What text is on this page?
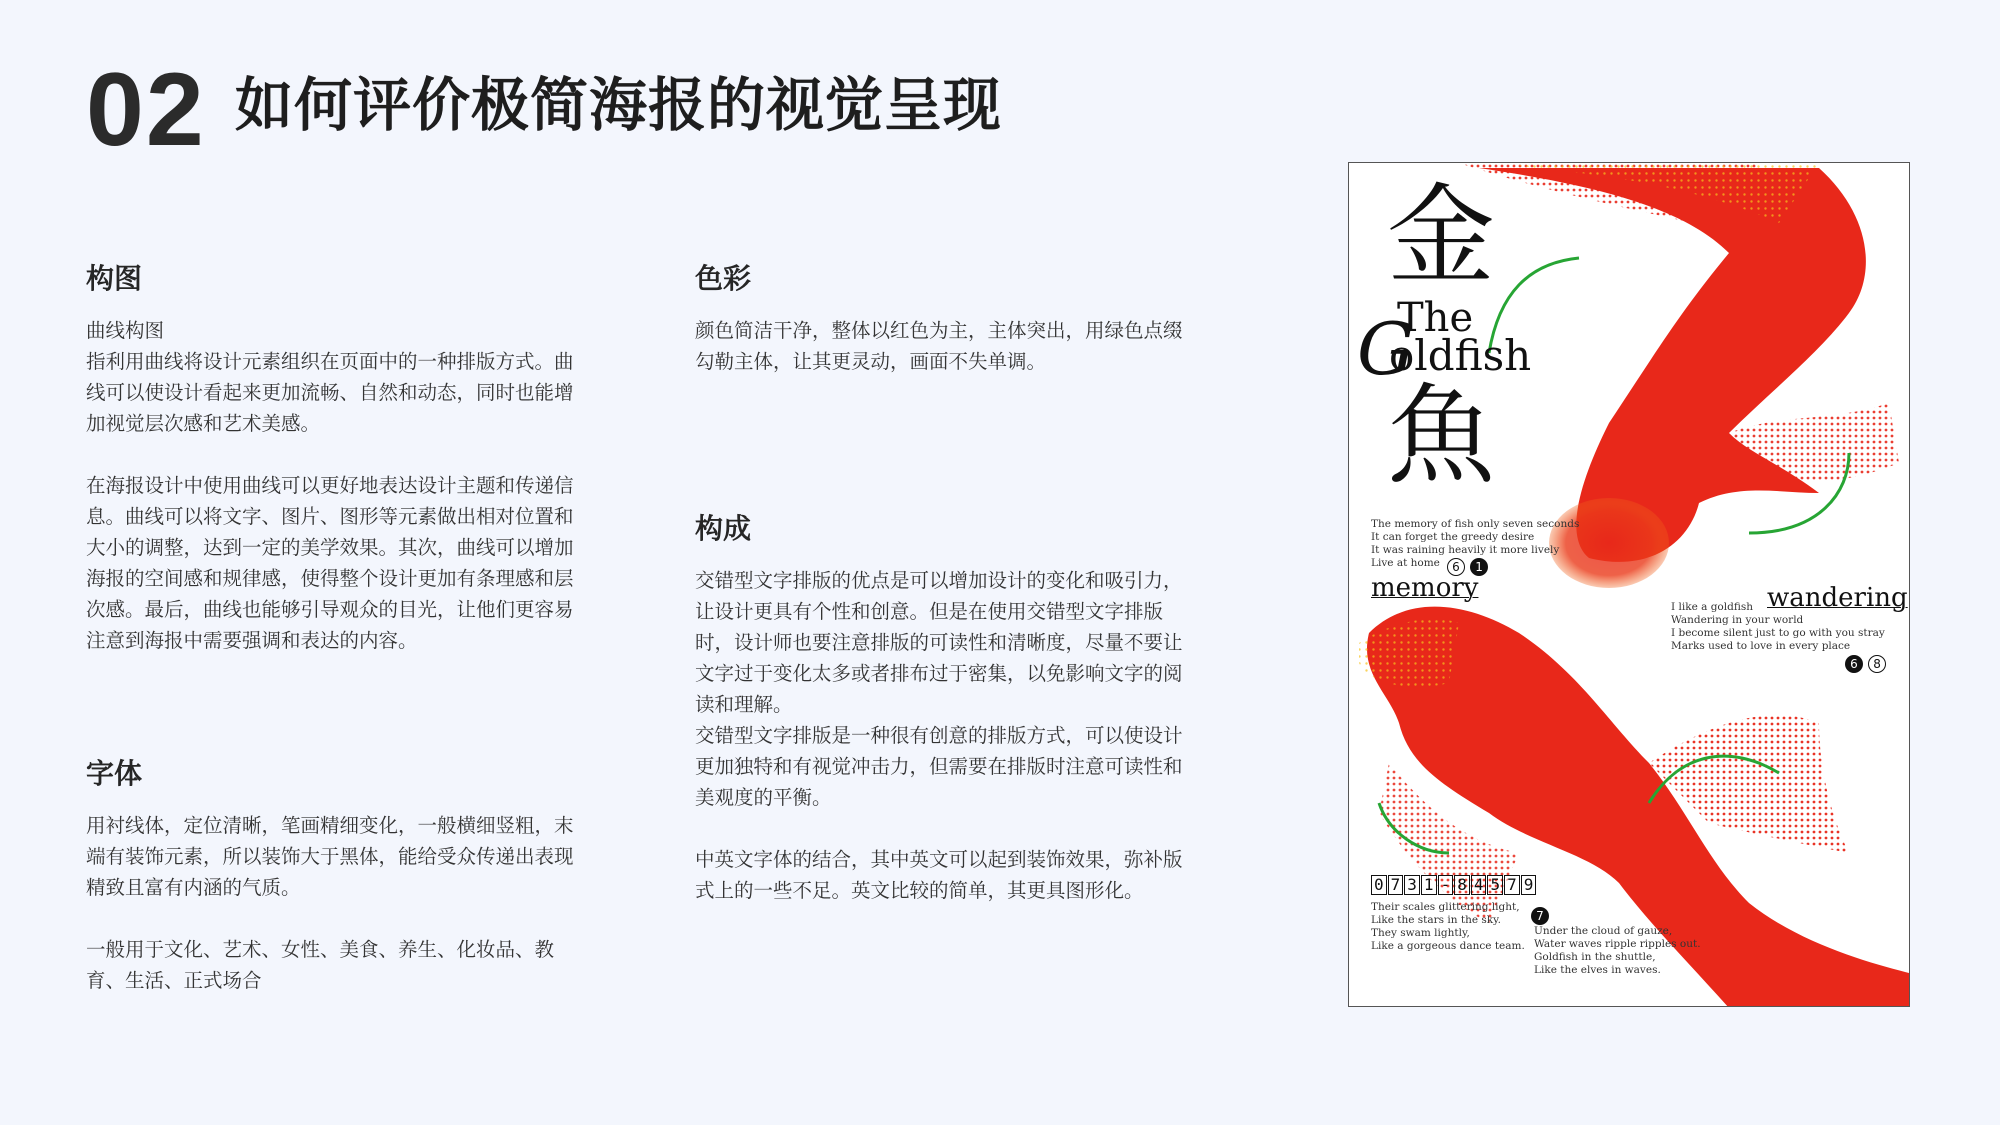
02 如何评价极简海报的视觉呈现
构图

曲线构图
指利用曲线将设计元素组织在页面中的一种排版方式。曲
线可以使设计看起来更加流畅、自然和动态，同时也能增
加视觉层次感和艺术美感。

在海报设计中使用曲线可以更好地表达设计主题和传递信
息。曲线可以将文字、图片、图形等元素做出相对位置和
大小的调整，达到一定的美学效果。其次，曲线可以增加
海报的空间感和规律感，使得整个设计更加有条理感和层
次感。最后，曲线也能够引导观众的目光，让他们更容易
注意到海报中需要强调和表达的内容。

字体

用衬线体，定位清晰，笔画精细变化，一般横细竖粗，末
端有装饰元素，所以装饰大于黑体，能给受众传递出表现
精致且富有内涵的气质。

一般用于文化、艺术、女性、美食、养生、化妆品、教
育、生活、正式场合

色彩

颜色简洁干净，整体以红色为主，主体突出，用绿色点缀
勾勒主体，让其更灵动，画面不失单调。

构成

交错型文字排版的优点是可以增加设计的变化和吸引力，
让设计更具有个性和创意。但是在使用交错型文字排版
时，设计师也要注意排版的可读性和清晰度，尽量不要让
文字过于变化太多或者排布过于密集，以免影响文字的阅
读和理解。
交错型文字排版是一种很有创意的排版方式，可以使设计
更加独特和有视觉冲击力，但需要在排版时注意可读性和
美观度的平衡。

中英文字体的结合，其中英文可以起到装饰效果，弥补版
式上的一些不足。英文比较的简单，其更具图形化。

金
The
G
oldfish
魚
The memory of fish only seven seconds
It can forget the greedy desire
It was raining heavily it more lively
Live at home	6 1
memory	wandering
I like a goldfish
Wandering in your world
I become silent just to go with you stray
Marks used to love in every place
6 8
0 7 3 1 - 8 4 5 7 9
Their scales glittering light,
Like the stars in the sky.
They swam lightly,
Like a gorgeous dance team.
7
Under the cloud of gauze,
Water waves ripple ripples out.
Goldfish in the shuttle,
Like the elves in waves.
